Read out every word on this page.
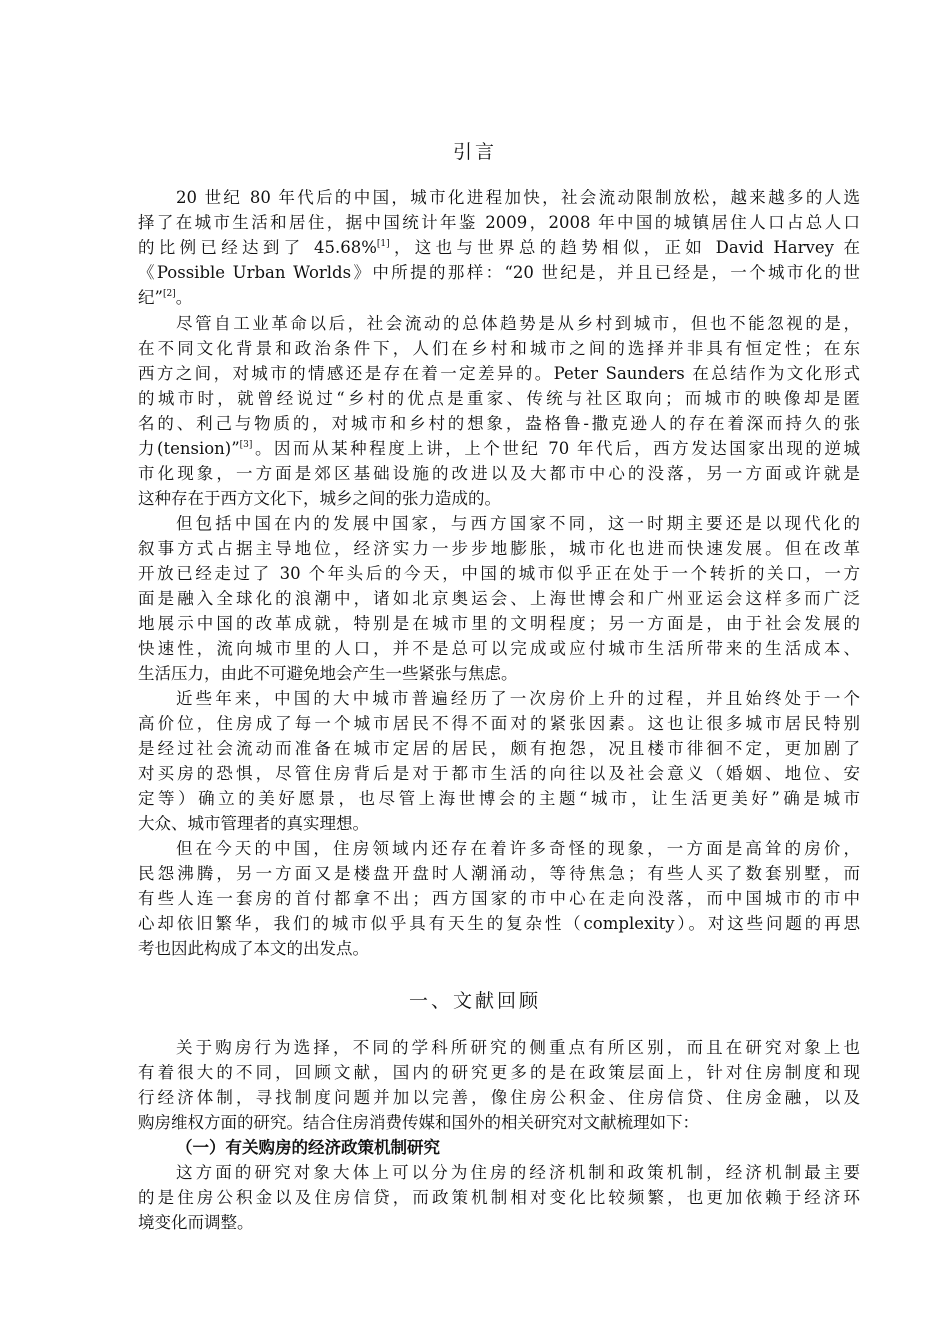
引言
20 世纪 80 年代后的中国，城市化进程加快，社会流动限制放松，越来越多的人选
择了在城市生活和居住，据中国统计年鉴 2009，2008 年中国的城镇居住人口占总人口
的比例已经达到了 45.68%[1]，这也与世界总的趋势相似，正如 David Harvey 在
《Possible Urban Worlds》中所提的那样：“20 世纪是，并且已经是，一个城市化的世
纪”[2]。
尽管自工业革命以后，社会流动的总体趋势是从乡村到城市，但也不能忽视的是，
在不同文化背景和政治条件下，人们在乡村和城市之间的选择并非具有恒定性；在东
西方之间，对城市的情感还是存在着一定差异的。Peter Saunders 在总结作为文化形式
的城市时，就曾经说过“乡村的优点是重家、传统与社区取向；而城市的映像却是匿
名的、利己与物质的，对城市和乡村的想象，盎格鲁-撒克逊人的存在着深而持久的张
力(tension)”[3]。因而从某种程度上讲，上个世纪 70 年代后，西方发达国家出现的逆城
市化现象，一方面是郊区基础设施的改进以及大都市中心的没落，另一方面或许就是
这种存在于西方文化下，城乡之间的张力造成的。
但包括中国在内的发展中国家，与西方国家不同，这一时期主要还是以现代化的
叙事方式占据主导地位，经济实力一步步地膨胀，城市化也进而快速发展。但在改革
开放已经走过了 30 个年头后的今天，中国的城市似乎正在处于一个转折的关口，一方
面是融入全球化的浪潮中，诸如北京奥运会、上海世博会和广州亚运会这样多而广泛
地展示中国的改革成就，特别是在城市里的文明程度；另一方面是，由于社会发展的
快速性，流向城市里的人口，并不是总可以完成或应付城市生活所带来的生活成本、
生活压力，由此不可避免地会产生一些紧张与焦虑。
近些年来，中国的大中城市普遍经历了一次房价上升的过程，并且始终处于一个
高价位，住房成了每一个城市居民不得不面对的紧张因素。这也让很多城市居民特别
是经过社会流动而准备在城市定居的居民，颇有抱怨，况且楼市徘徊不定，更加剧了
对买房的恐惧，尽管住房背后是对于都市生活的向往以及社会意义（婚姻、地位、安
定等）确立的美好愿景，也尽管上海世博会的主题“城市，让生活更美好”确是城市
大众、城市管理者的真实理想。
但在今天的中国，住房领域内还存在着许多奇怪的现象，一方面是高耸的房价，
民怨沸腾，另一方面又是楼盘开盘时人潮涌动，等待焦急；有些人买了数套别墅，而
有些人连一套房的首付都拿不出；西方国家的市中心在走向没落，而中国城市的市中
心却依旧繁华，我们的城市似乎具有天生的复杂性（complexity）。对这些问题的再思
考也因此构成了本文的出发点。
一、文献回顾
关于购房行为选择，不同的学科所研究的侧重点有所区别，而且在研究对象上也
有着很大的不同，回顾文献，国内的研究更多的是在政策层面上，针对住房制度和现
行经济体制，寻找制度问题并加以完善，像住房公积金、住房信贷、住房金融，以及
购房维权方面的研究。结合住房消费传媒和国外的相关研究对文献梳理如下：
（一）有关购房的经济政策机制研究
这方面的研究对象大体上可以分为住房的经济机制和政策机制，经济机制最主要
的是住房公积金以及住房信贷，而政策机制相对变化比较频繁，也更加依赖于经济环
境变化而调整。
